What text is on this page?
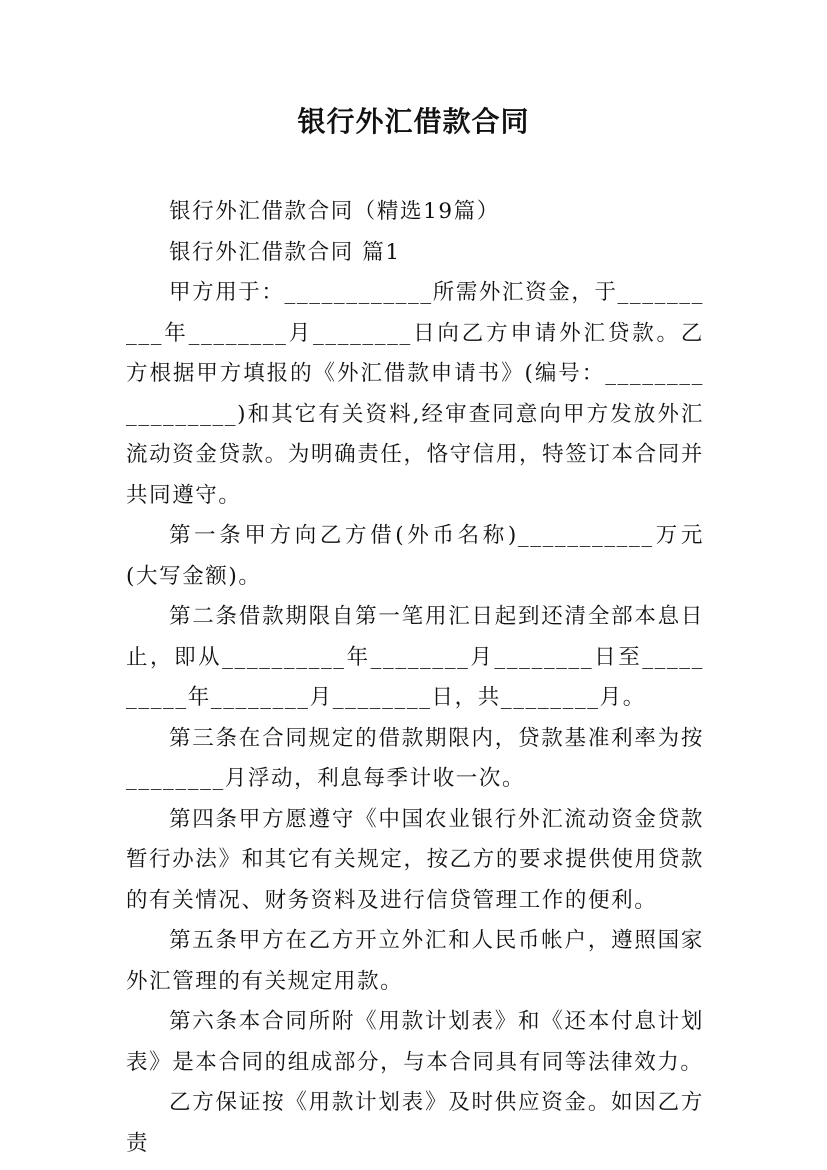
银行外汇借款合同

银行外汇借款合同（精选19篇）

银行外汇借款合同 篇1

甲方用于：____________所需外汇资金，于__________年________月________日向乙方申请外汇贷款。乙方根据甲方填报的《外汇借款申请书》(编号：_________________)和其它有关资料,经审查同意向甲方发放外汇流动资金贷款。为明确责任，恪守信用，特签订本合同并共同遵守。

第一条甲方向乙方借(外币名称)___________万元(大写金额)。

第二条借款期限自第一笔用汇日起到还清全部本息日止，即从__________年________月________日至__________年________月________日，共________月。

第三条在合同规定的借款期限内，贷款基准利率为按________月浮动，利息每季计收一次。

第四条甲方愿遵守《中国农业银行外汇流动资金贷款暂行办法》和其它有关规定，按乙方的要求提供使用贷款的有关情况、财务资料及进行信贷管理工作的便利。

第五条甲方在乙方开立外汇和人民币帐户，遵照国家外汇管理的有关规定用款。

第六条本合同所附《用款计划表》和《还本付息计划表》是本合同的组成部分，与本合同具有同等法律效力。

乙方保证按《用款计划表》及时供应资金。如因乙方责
